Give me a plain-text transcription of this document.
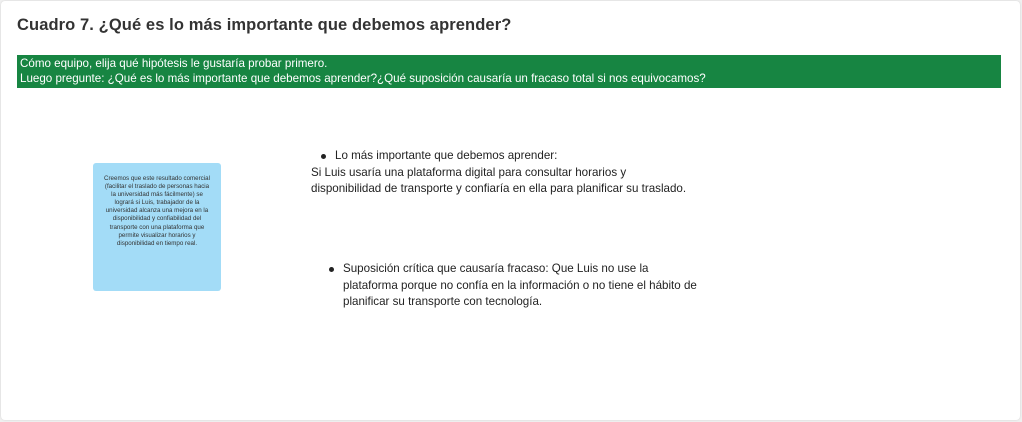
Cuadro 7. ¿Qué es lo más importante que debemos aprender?
Cómo equipo, elija qué hipótesis le gustaría probar primero.
Luego pregunte: ¿Qué es lo más importante que debemos aprender?¿Qué suposición causaría un fracaso total si nos equivocamos?
Creemos que este resultado comercial (facilitar el traslado de personas hacia la universidad más fácilmente) se logrará si Luis, trabajador de la universidad alcanza una mejora en la disponibilidad y confiabilidad del transporte con una plataforma que permite visualizar horarios y disponibilidad en tiempo real.
Lo más importante que debemos aprender:
Si Luis usaría una plataforma digital para consultar horarios y disponibilidad de transporte y confiaría en ella para planificar su traslado.
Suposición crítica que causaría fracaso: Que Luis no use la plataforma porque no confía en la información o no tiene el hábito de planificar su transporte con tecnología.
